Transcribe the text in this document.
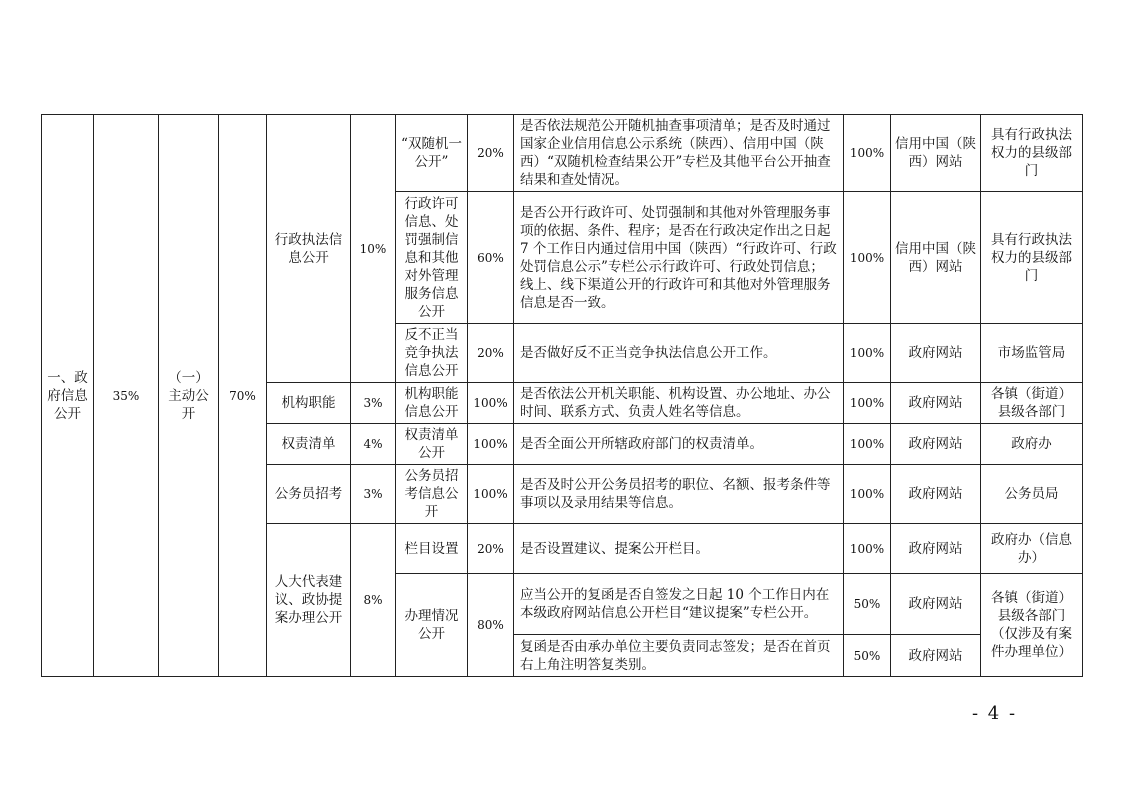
一、政府信息公开	35%	（一）主动公开	70%	行政执法信息公开	10%	“双随机一公开”	20%	是否依法规范公开随机抽查事项清单；是否及时通过国家企业信用信息公示系统（陕西）、信用中国（陕西）“双随机检查结果公开”专栏及其他平台公开抽查结果和查处情况。	100%	信用中国（陕西）网站	具有行政执法权力的县级部门
						行政许可信息、处罚强制信息和其他对外管理服务信息公开	60%	是否公开行政许可、处罚强制和其他对外管理服务事项的依据、条件、程序；是否在行政决定作出之日起 7 个工作日内通过信用中国（陕西）“行政许可、行政处罚信息公示”专栏公示行政许可、行政处罚信息；线上、线下渠道公开的行政许可和其他对外管理服务信息是否一致。	100%	信用中国（陕西）网站	具有行政执法权力的县级部门
						反不正当竞争执法信息公开	20%	是否做好反不正当竞争执法信息公开工作。	100%	政府网站	市场监管局
				机构职能	3%	机构职能信息公开	100%	是否依法公开机关职能、机构设置、办公地址、办公时间、联系方式、负责人姓名等信息。	100%	政府网站	各镇（街道）县级各部门
				权责清单	4%	权责清单公开	100%	是否全面公开所辖政府部门的权责清单。	100%	政府网站	政府办
				公务员招考	3%	公务员招考信息公开	100%	是否及时公开公务员招考的职位、名额、报考条件等事项以及录用结果等信息。	100%	政府网站	公务员局
				人大代表建议、政协提案办理公开	8%	栏目设置	20%	是否设置建议、提案公开栏目。	100%	政府网站	政府办（信息办）
						办理情况公开	80%	应当公开的复函是否自签发之日起 10 个工作日内在本级政府网站信息公开栏目“建议提案”专栏公开。	50%	政府网站	各镇（街道）县级各部门（仅涉及有案件办理单位）
								复函是否由承办单位主要负责同志签发；是否在首页右上角注明答复类别。	50%	政府网站	
- 4 -
